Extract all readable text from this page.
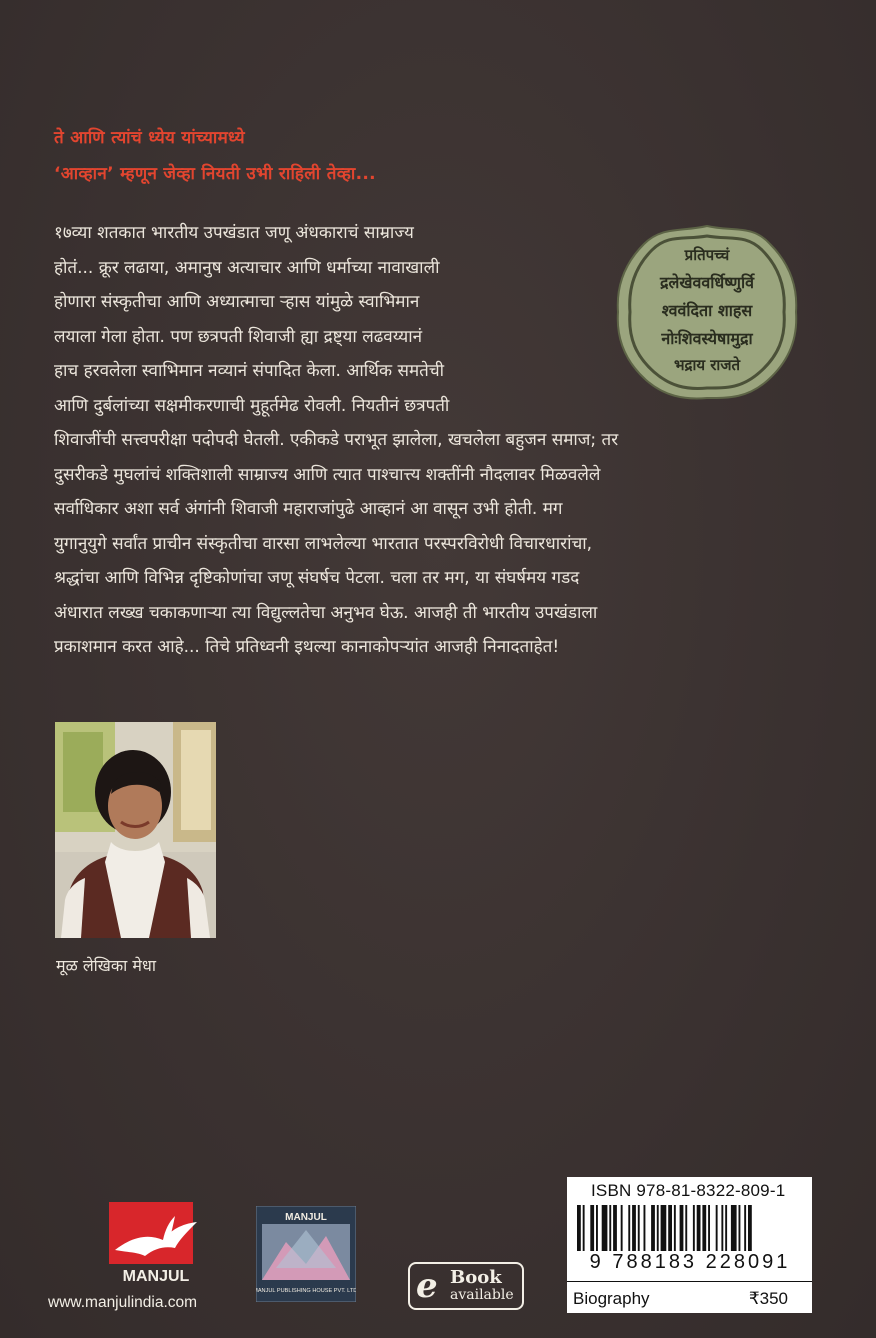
ते आणि त्यांचं ध्येय यांच्यामध्ये
‘आव्हान’ म्हणून जेव्हा नियती उभी राहिली तेव्हा...
१७व्या शतकात भारतीय उपखंडात जणू अंधकाराचं साम्राज्य
होतं... क्रूर लढाया, अमानुष अत्याचार आणि धर्माच्या नावाखाली
होणारा संस्कृतीचा आणि अध्यात्माचा ऱ्हास यांमुळे स्वाभिमान
लयाला गेला होता. पण छत्रपती शिवाजी ह्या द्रष्ट्या लढवय्यानं
हाच हरवलेला स्वाभिमान नव्यानं संपादित केला. आर्थिक समतेची
आणि दुर्बलांच्या सक्षमीकरणाची मुहूर्तमेढ रोवली. नियतीनं छत्रपती
शिवाजींची सत्त्वपरीक्षा पदोपदी घेतली. एकीकडे पराभूत झालेला, खचलेला बहुजन समाज; तर
दुसरीकडे मुघलांचं शक्तिशाली साम्राज्य आणि त्यात पाश्चात्त्य शक्तींनी नौदलावर मिळवलेले
सर्वाधिकार अशा सर्व अंगांनी शिवाजी महाराजांपुढे आव्हानं आ वासून उभी होती. मग
युगानुयुगे सर्वांत प्राचीन संस्कृतीचा वारसा लाभलेल्या भारतात परस्परविरोधी विचारधारांचा,
श्रद्धांचा आणि विभिन्न दृष्टिकोणांचा जणू संघर्षच पेटला. चला तर मग, या संघर्षमय गडद
अंधारात लख्ख चकाकणाऱ्या त्या विद्युल्लतेचा अनुभव घेऊ. आजही ती भारतीय उपखंडाला
प्रकाशमान करत आहे... तिचे प्रतिध्वनी इथल्या कानाकोपऱ्यांत आजही निनादताहेत!
प्रतिपच्चं
द्रलेखेववर्धिष्णुर्वि
श्ववंदिता शाहस
नोःशिवस्येषामुद्रा
भद्राय राजते
मूळ लेखिका मेधा
MANJUL
www.manjulindia.com
MANJUL
MANJUL PUBLISHING HOUSE PVT. LTD. e Book
available
ISBN 978-81-8322-809-1
9 788183 228091
Biography	₹350
